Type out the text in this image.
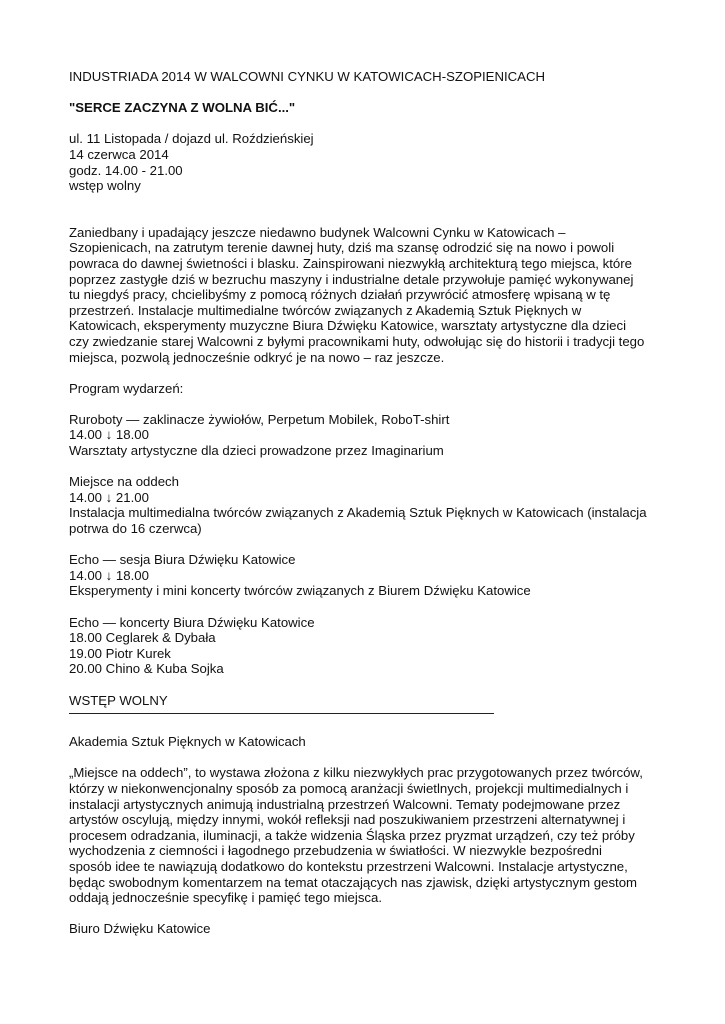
INDUSTRIADA 2014 W WALCOWNI CYNKU W KATOWICACH-SZOPIENICACH

"SERCE ZACZYNA Z WOLNA BIĆ..."

ul. 11 Listopada / dojazd ul. Roździeńskiej
14 czerwca 2014
godz. 14.00 - 21.00
wstęp wolny
Zaniedbany i upadający jeszcze niedawno budynek Walcowni Cynku w Katowicach –
Szopienicach, na zatrutym terenie dawnej huty, dziś ma szansę odrodzić się na nowo i powoli
powraca do dawnej świetności i blasku. Zainspirowani niezwykłą architekturą tego miejsca, które
poprzez zastygłe dziś w bezruchu maszyny i industrialne detale przywołuje pamięć wykonywanej
tu niegdyś pracy, chcielibyśmy z pomocą różnych działań przywrócić atmosferę wpisaną w tę
przestrzeń. Instalacje multimedialne twórców związanych z Akademią Sztuk Pięknych w
Katowicach, eksperymenty muzyczne Biura Dźwięku Katowice, warsztaty artystyczne dla dzieci
czy zwiedzanie starej Walcowni z byłymi pracownikami huty, odwołując się do historii i tradycji tego
miejsca, pozwolą jednocześnie odkryć je na nowo – raz jeszcze.

Program wydarzeń:

Ruroboty — zaklinacze żywiołów, Perpetum Mobilek, RoboT-shirt
14.00 ↓ 18.00
Warsztaty artystyczne dla dzieci prowadzone przez Imaginarium
Miejsce na oddech
14.00 ↓ 21.00
Instalacja multimedialna twórców związanych z Akademią Sztuk Pięknych w Katowicach (instalacja
potrwa do 16 czerwca)
Echo — sesja Biura Dźwięku Katowice
14.00 ↓ 18.00
Eksperymenty i mini koncerty twórców związanych z Biurem Dźwięku Katowice
Echo — koncerty Biura Dźwięku Katowice
18.00 Ceglarek & Dybała
19.00 Piotr Kurek
20.00 Chino & Kuba Sojka

WSTĘP WOLNY

Akademia Sztuk Pięknych w Katowicach

„Miejsce na oddech”, to wystawa złożona z kilku niezwykłych prac przygotowanych przez twórców,
którzy w niekonwencjonalny sposób za pomocą aranżacji świetlnych, projekcji multimedialnych i
instalacji artystycznych animują industrialną przestrzeń Walcowni. Tematy podejmowane przez
artystów oscylują, między innymi, wokół refleksji nad poszukiwaniem przestrzeni alternatywnej i
procesem odradzania, iluminacji, a także widzenia Śląska przez pryzmat urządzeń, czy też próby
wychodzenia z ciemności i łagodnego przebudzenia w światłości. W niezwykle bezpośredni
sposób idee te nawiązują dodatkowo do kontekstu przestrzeni Walcowni. Instalacje artystyczne,
będąc swobodnym komentarzem na temat otaczających nas zjawisk, dzięki artystycznym gestom
oddają jednocześnie specyfikę i pamięć tego miejsca.

Biuro Dźwięku Katowice
